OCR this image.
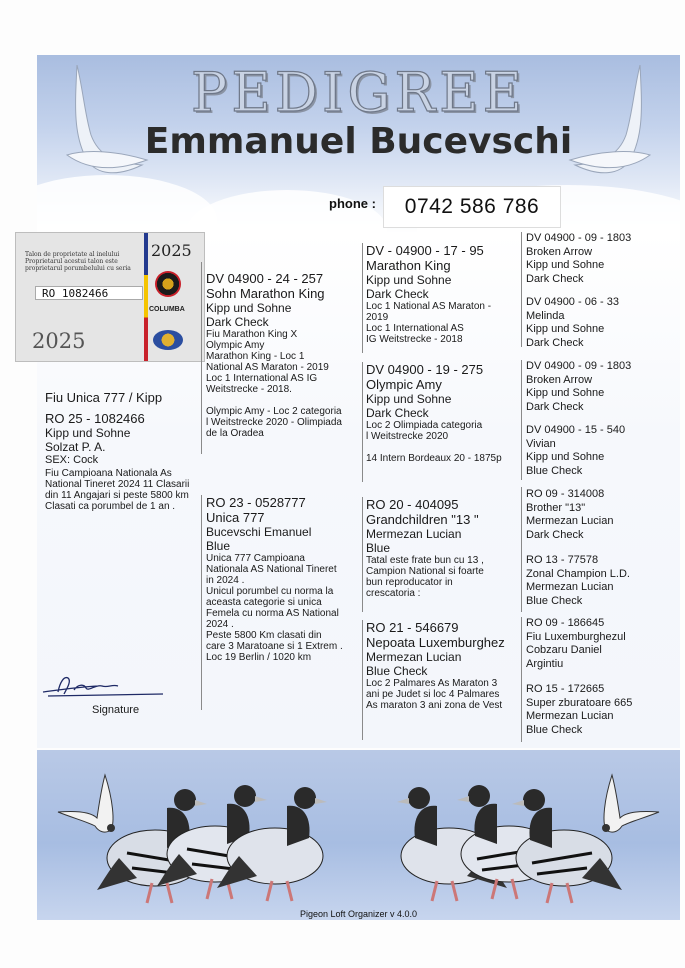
PEDIGREE
Emmanuel Bucevschi
phone :	0742 586 786
Talon de proprietate al inelului Proprietarul acestui talon este proprietarul porumbelului cu seria
RO 1082466
2025
2025
COLUMBA
Fiu Unica 777 / Kipp
RO 25 - 1082466
Kipp und Sohne
Solzat P. A.
SEX: Cock
Fiu Campioana Nationala As National Tineret 2024 11 Clasarii din 11 Angajari si peste 5800 km Clasati ca porumbel de 1 an .
Signature
DV 04900 - 24 - 257
Sohn Marathon King
Kipp und Sohne
Dark Check
Fiu Marathon King X
Olympic Amy
Marathon King - Loc 1
National AS Maraton - 2019
Loc 1 International AS IG
Weitstrecke - 2018.
Olympic Amy - Loc 2 categoria
l Weitstrecke 2020 - Olimpiada
de la Oradea
RO 23 - 0528777
Unica 777
Bucevschi Emanuel
Blue
Unica 777 Campioana
Nationala AS National Tineret
in 2024 .
Unicul porumbel cu norma la
aceasta categorie si unica
Femela cu norma AS National
2024 .
Peste 5800 Km clasati din
care 3 Maratoane si 1 Extrem .
Loc 19 Berlin / 1020 km
DV - 04900 - 17 - 95
Marathon King
Kipp und Sohne
Dark Check
Loc 1 National AS Maraton -
2019
Loc 1 International AS
IG Weitstrecke - 2018
DV 04900 - 19 - 275
Olympic Amy
Kipp und Sohne
Dark Check
Loc 2 Olimpiada categoria
l Weitstrecke 2020
14 Intern Bordeaux 20 - 1875p
RO 20 - 404095
Grandchildren "13 "
Mermezan Lucian
Blue
Tatal este frate bun cu 13 ,
Campion National si foarte
bun reproducator in
crescatoria :
RO 21 - 546679
Nepoata Luxemburghez
Mermezan Lucian
Blue Check
Loc 2 Palmares As Maraton 3
ani pe Judet si loc 4 Palmares
As maraton 3 ani zona de Vest
DV 04900 - 09 - 1803
Broken Arrow
Kipp und Sohne
Dark Check
DV 04900 - 06 - 33
Melinda
Kipp und Sohne
Dark Check
DV 04900 - 09 - 1803
Broken Arrow
Kipp und Sohne
Dark Check
DV 04900 - 15 - 540
Vivian
Kipp und Sohne
Blue Check
RO 09 - 314008
Brother "13"
Mermezan Lucian
Dark Check
RO 13 - 77578
Zonal Champion L.D.
Mermezan Lucian
Blue Check
RO 09 - 186645
Fiu Luxemburghezul
Cobzaru Daniel
Argintiu
RO 15 - 172665
Super zburatoare 665
Mermezan Lucian
Blue Check
Pigeon Loft Organizer v 4.0.0
